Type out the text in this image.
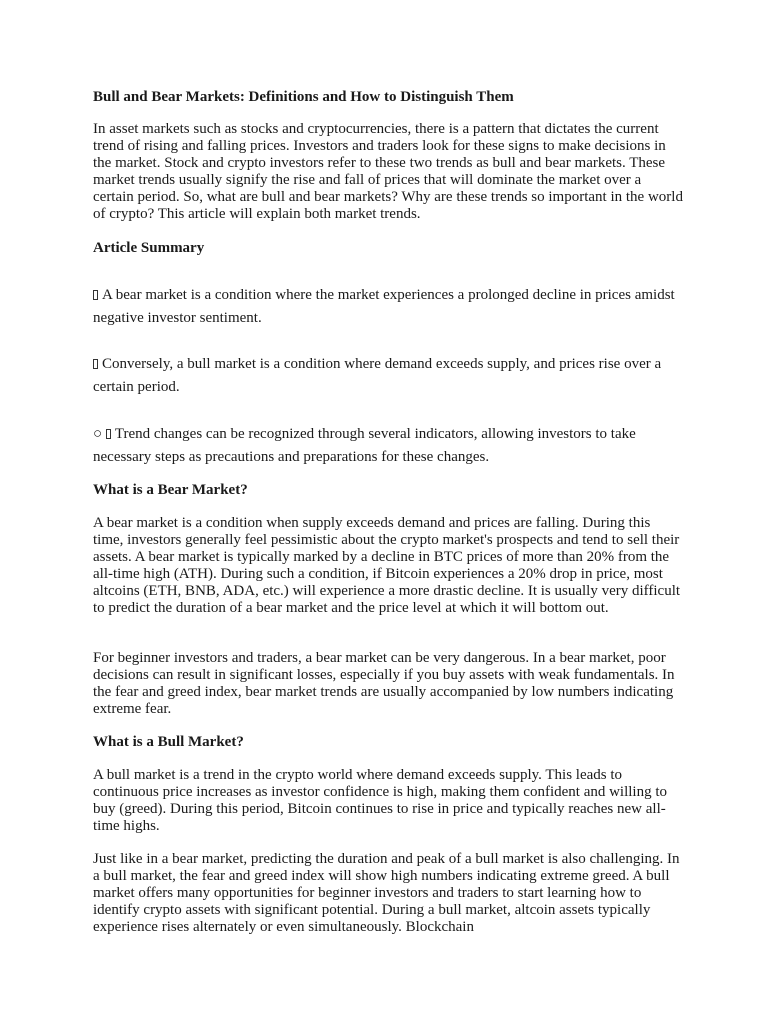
Bull and Bear Markets: Definitions and How to Distinguish Them

In asset markets such as stocks and cryptocurrencies, there is a pattern that dictates the current trend of rising and falling prices. Investors and traders look for these signs to make decisions in the market. Stock and crypto investors refer to these two trends as bull and bear markets. These market trends usually signify the rise and fall of prices that will dominate the market over a certain period. So, what are bull and bear markets? Why are these trends so important in the world of crypto? This article will explain both market trends.

Article Summary

A bear market is a condition where the market experiences a prolonged decline in prices amidst negative investor sentiment.

Conversely, a bull market is a condition where demand exceeds supply, and prices rise over a certain period.

○ Trend changes can be recognized through several indicators, allowing investors to take necessary steps as precautions and preparations for these changes.

What is a Bear Market?

A bear market is a condition when supply exceeds demand and prices are falling. During this time, investors generally feel pessimistic about the crypto market's prospects and tend to sell their assets. A bear market is typically marked by a decline in BTC prices of more than 20% from the all-time high (ATH). During such a condition, if Bitcoin experiences a 20% drop in price, most altcoins (ETH, BNB, ADA, etc.) will experience a more drastic decline. It is usually very difficult to predict the duration of a bear market and the price level at which it will bottom out.

For beginner investors and traders, a bear market can be very dangerous. In a bear market, poor decisions can result in significant losses, especially if you buy assets with weak fundamentals. In the fear and greed index, bear market trends are usually accompanied by low numbers indicating extreme fear.

What is a Bull Market?

A bull market is a trend in the crypto world where demand exceeds supply. This leads to continuous price increases as investor confidence is high, making them confident and willing to buy (greed). During this period, Bitcoin continues to rise in price and typically reaches new all-time highs.

Just like in a bear market, predicting the duration and peak of a bull market is also challenging. In a bull market, the fear and greed index will show high numbers indicating extreme greed. A bull market offers many opportunities for beginner investors and traders to start learning how to identify crypto assets with significant potential. During a bull market, altcoin assets typically experience rises alternately or even simultaneously. Blockchain
